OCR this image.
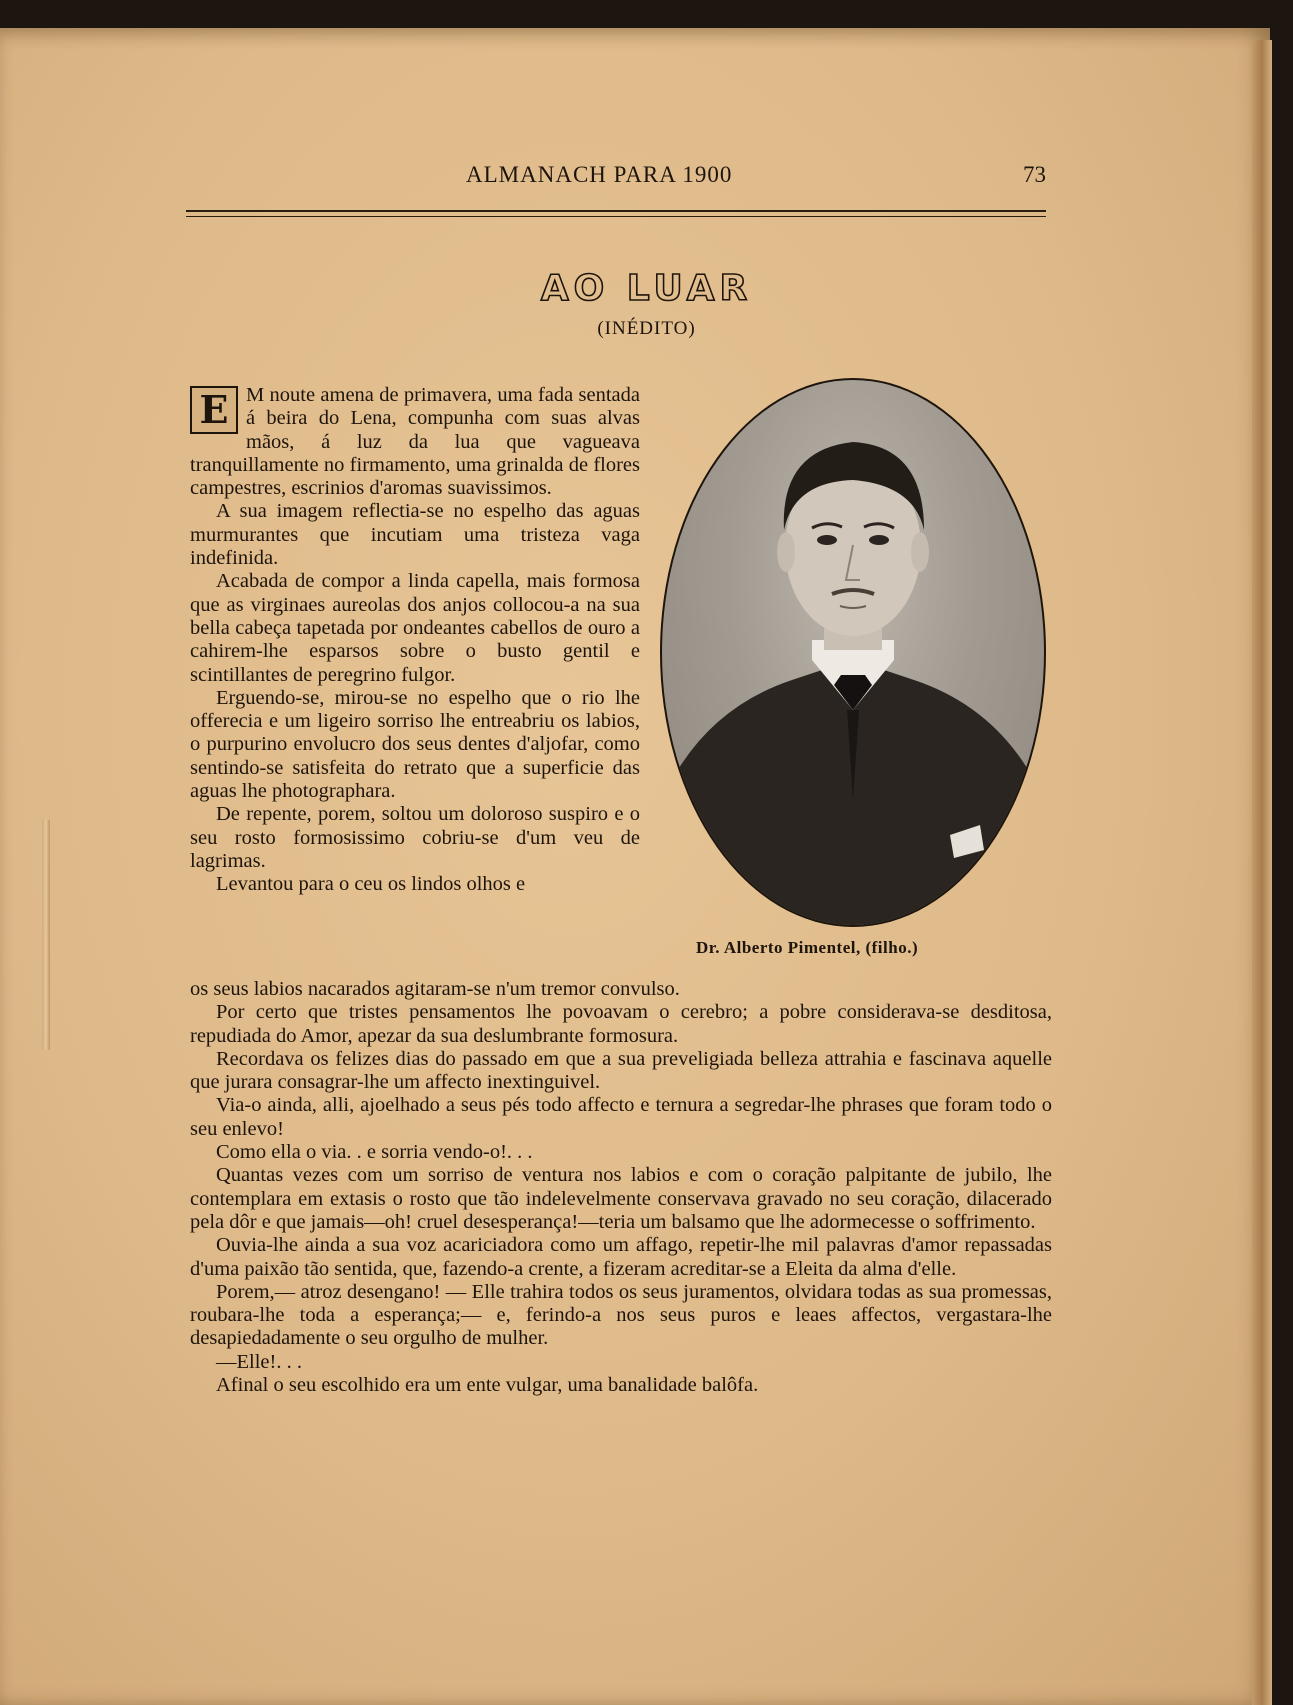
ALMANACH PARA 1900	73
AO LUAR
(INÉDITO)
Dr. Alberto Pimentel, (filho.)

E M noute amena de primavera, uma fada sentada á beira do Lena, compunha com suas alvas mãos, á luz da lua que vagueava tranquillamente no firmamento, uma grinalda de flores campestres, escrinios d'aromas suavissimos.

A sua imagem reflectia-se no espelho das aguas murmurantes que incutiam uma tristeza vaga indefinida.

Acabada de compor a linda capella, mais formosa que as virginaes aureolas dos anjos collocou-a na sua bella cabeça tapetada por ondeantes cabellos de ouro a cahirem-lhe esparsos sobre o busto gentil e scintillantes de peregrino fulgor.

Erguendo-se, mirou-se no espelho que o rio lhe offerecia e um ligeiro sorriso lhe entreabriu os labios, o purpurino envolucro dos seus dentes d'aljofar, como sentindo-se satisfeita do retrato que a superficie das aguas lhe photographara.

De repente, porem, soltou um doloroso suspiro e o seu rosto formosissimo cobriu-se d'um veu de lagrimas.

Levantou para o ceu os lindos olhos e

os seus labios nacarados agitaram-se n'um tremor convulso.

Por certo que tristes pensamentos lhe povoavam o cerebro; a pobre considerava-se desditosa, repudiada do Amor, apezar da sua deslumbrante formosura.

Recordava os felizes dias do passado em que a sua preveligiada belleza attrahia e fascinava aquelle que jurara consagrar-lhe um affecto inextinguivel.

Via-o ainda, alli, ajoelhado a seus pés todo affecto e ternura a segredar-lhe phrases que foram todo o seu enlevo!

Como ella o via. . e sorria vendo-o!. . .

Quantas vezes com um sorriso de ventura nos labios e com o coração palpitante de jubilo, lhe contemplara em extasis o rosto que tão indelevelmente conservava gravado no seu coração, dilacerado pela dôr e que jamais—oh! cruel desesperança!—teria um balsamo que lhe adormecesse o soffrimento.

Ouvia-lhe ainda a sua voz acariciadora como um affago, repetir-lhe mil palavras d'amor repassadas d'uma paixão tão sentida, que, fazendo-a crente, a fizeram acreditar-se a Eleita da alma d'elle.

Porem,— atroz desengano! — Elle trahira todos os seus juramentos, olvidara todas as sua promessas, roubara-lhe toda a esperança;— e, ferindo-a nos seus puros e leaes affectos, vergastara-lhe desapiedadamente o seu orgulho de mulher.

—Elle!. . .

Afinal o seu escolhido era um ente vulgar, uma banalidade balôfa.
